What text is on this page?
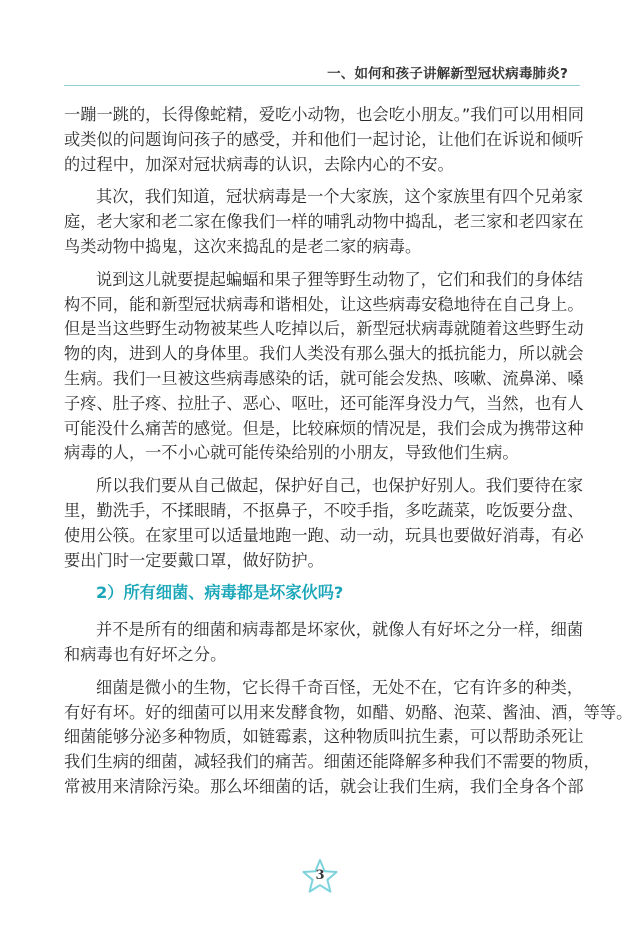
一、如何和孩子讲解新型冠状病毒肺炎?
一蹦一跳的，长得像蛇精，爱吃小动物，也会吃小朋友。”我们可以用相同
或类似的问题询问孩子的感受，并和他们一起讨论，让他们在诉说和倾听
的过程中，加深对冠状病毒的认识，去除内心的不安。
其次，我们知道，冠状病毒是一个大家族，这个家族里有四个兄弟家
庭，老大家和老二家在像我们一样的哺乳动物中捣乱，老三家和老四家在
鸟类动物中捣鬼，这次来捣乱的是老二家的病毒。
说到这儿就要提起蝙蝠和果子狸等野生动物了，它们和我们的身体结
构不同，能和新型冠状病毒和谐相处，让这些病毒安稳地待在自己身上。
但是当这些野生动物被某些人吃掉以后，新型冠状病毒就随着这些野生动
物的肉，进到人的身体里。我们人类没有那么强大的抵抗能力，所以就会
生病。我们一旦被这些病毒感染的话，就可能会发热、咳嗽、流鼻涕、嗓
子疼、肚子疼、拉肚子、恶心、呕吐，还可能浑身没力气，当然，也有人
可能没什么痛苦的感觉。但是，比较麻烦的情况是，我们会成为携带这种
病毒的人，一不小心就可能传染给别的小朋友，导致他们生病。
所以我们要从自己做起，保护好自己，也保护好别人。我们要待在家
里，勤洗手，不揉眼睛，不抠鼻子，不咬手指，多吃蔬菜，吃饭要分盘、
使用公筷。在家里可以适量地跑一跑、动一动，玩具也要做好消毒，有必
要出门时一定要戴口罩，做好防护。
2）所有细菌、病毒都是坏家伙吗?
并不是所有的细菌和病毒都是坏家伙，就像人有好坏之分一样，细菌
和病毒也有好坏之分。
细菌是微小的生物，它长得千奇百怪，无处不在，它有许多的种类，
有好有坏。好的细菌可以用来发酵食物，如醋、奶酪、泡菜、酱油、酒，等等。
细菌能够分泌多种物质，如链霉素，这种物质叫抗生素，可以帮助杀死让
我们生病的细菌，减轻我们的痛苦。细菌还能降解多种我们不需要的物质，
常被用来清除污染。那么坏细菌的话，就会让我们生病，我们全身各个部
3
